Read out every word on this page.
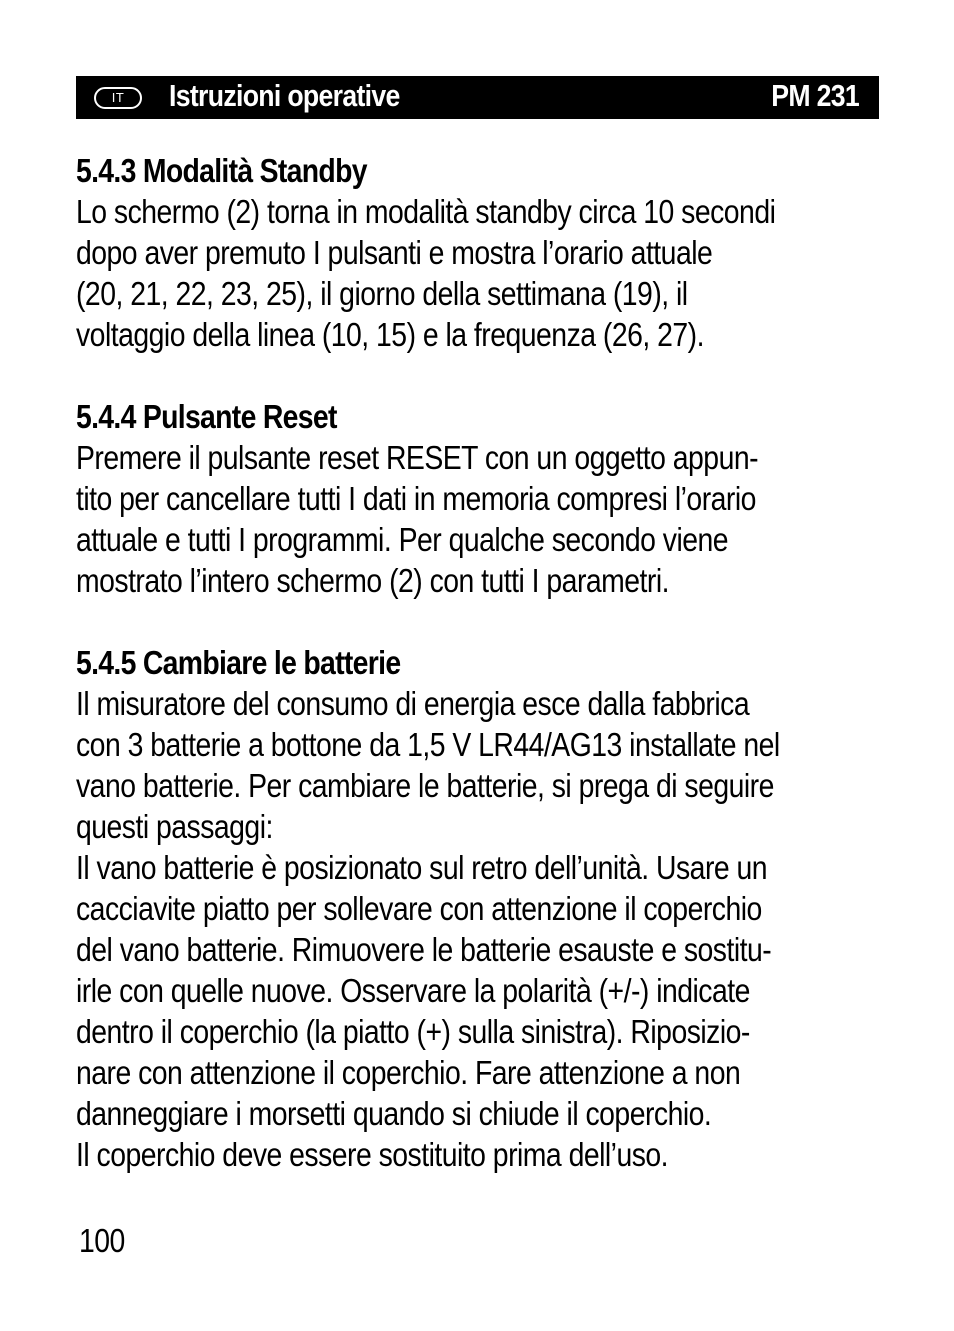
IT	Istruzioni operative	PM 231
5.4.3 Modalità Standby
Lo schermo (2) torna in modalità standby circa 10 secondi
dopo aver premuto I pulsanti e mostra l’orario attuale
(20, 21, 22, 23, 25), il giorno della settimana (19), il
voltaggio della linea (10, 15) e la frequenza (26, 27).
5.4.4 Pulsante Reset
Premere il pulsante reset RESET con un oggetto appun-
tito per cancellare tutti I dati in memoria compresi l’orario
attuale e tutti I programmi. Per qualche secondo viene
mostrato l’intero schermo (2) con tutti I parametri.
5.4.5 Cambiare le batterie
Il misuratore del consumo di energia esce dalla fabbrica
con 3 batterie a bottone da 1,5 V LR44/AG13 installate nel
vano batterie. Per cambiare le batterie, si prega di seguire
questi passaggi:
Il vano batterie è posizionato sul retro dell’unità. Usare un
cacciavite piatto per sollevare con attenzione il coperchio
del vano batterie. Rimuovere le batterie esauste e sostitu-
irle con quelle nuove. Osservare la polarità (+/-) indicate
dentro il coperchio (la piatto (+) sulla sinistra). Riposizio-
nare con attenzione il coperchio. Fare attenzione a non
danneggiare i morsetti quando si chiude il coperchio.
Il coperchio deve essere sostituito prima dell’uso.
100
